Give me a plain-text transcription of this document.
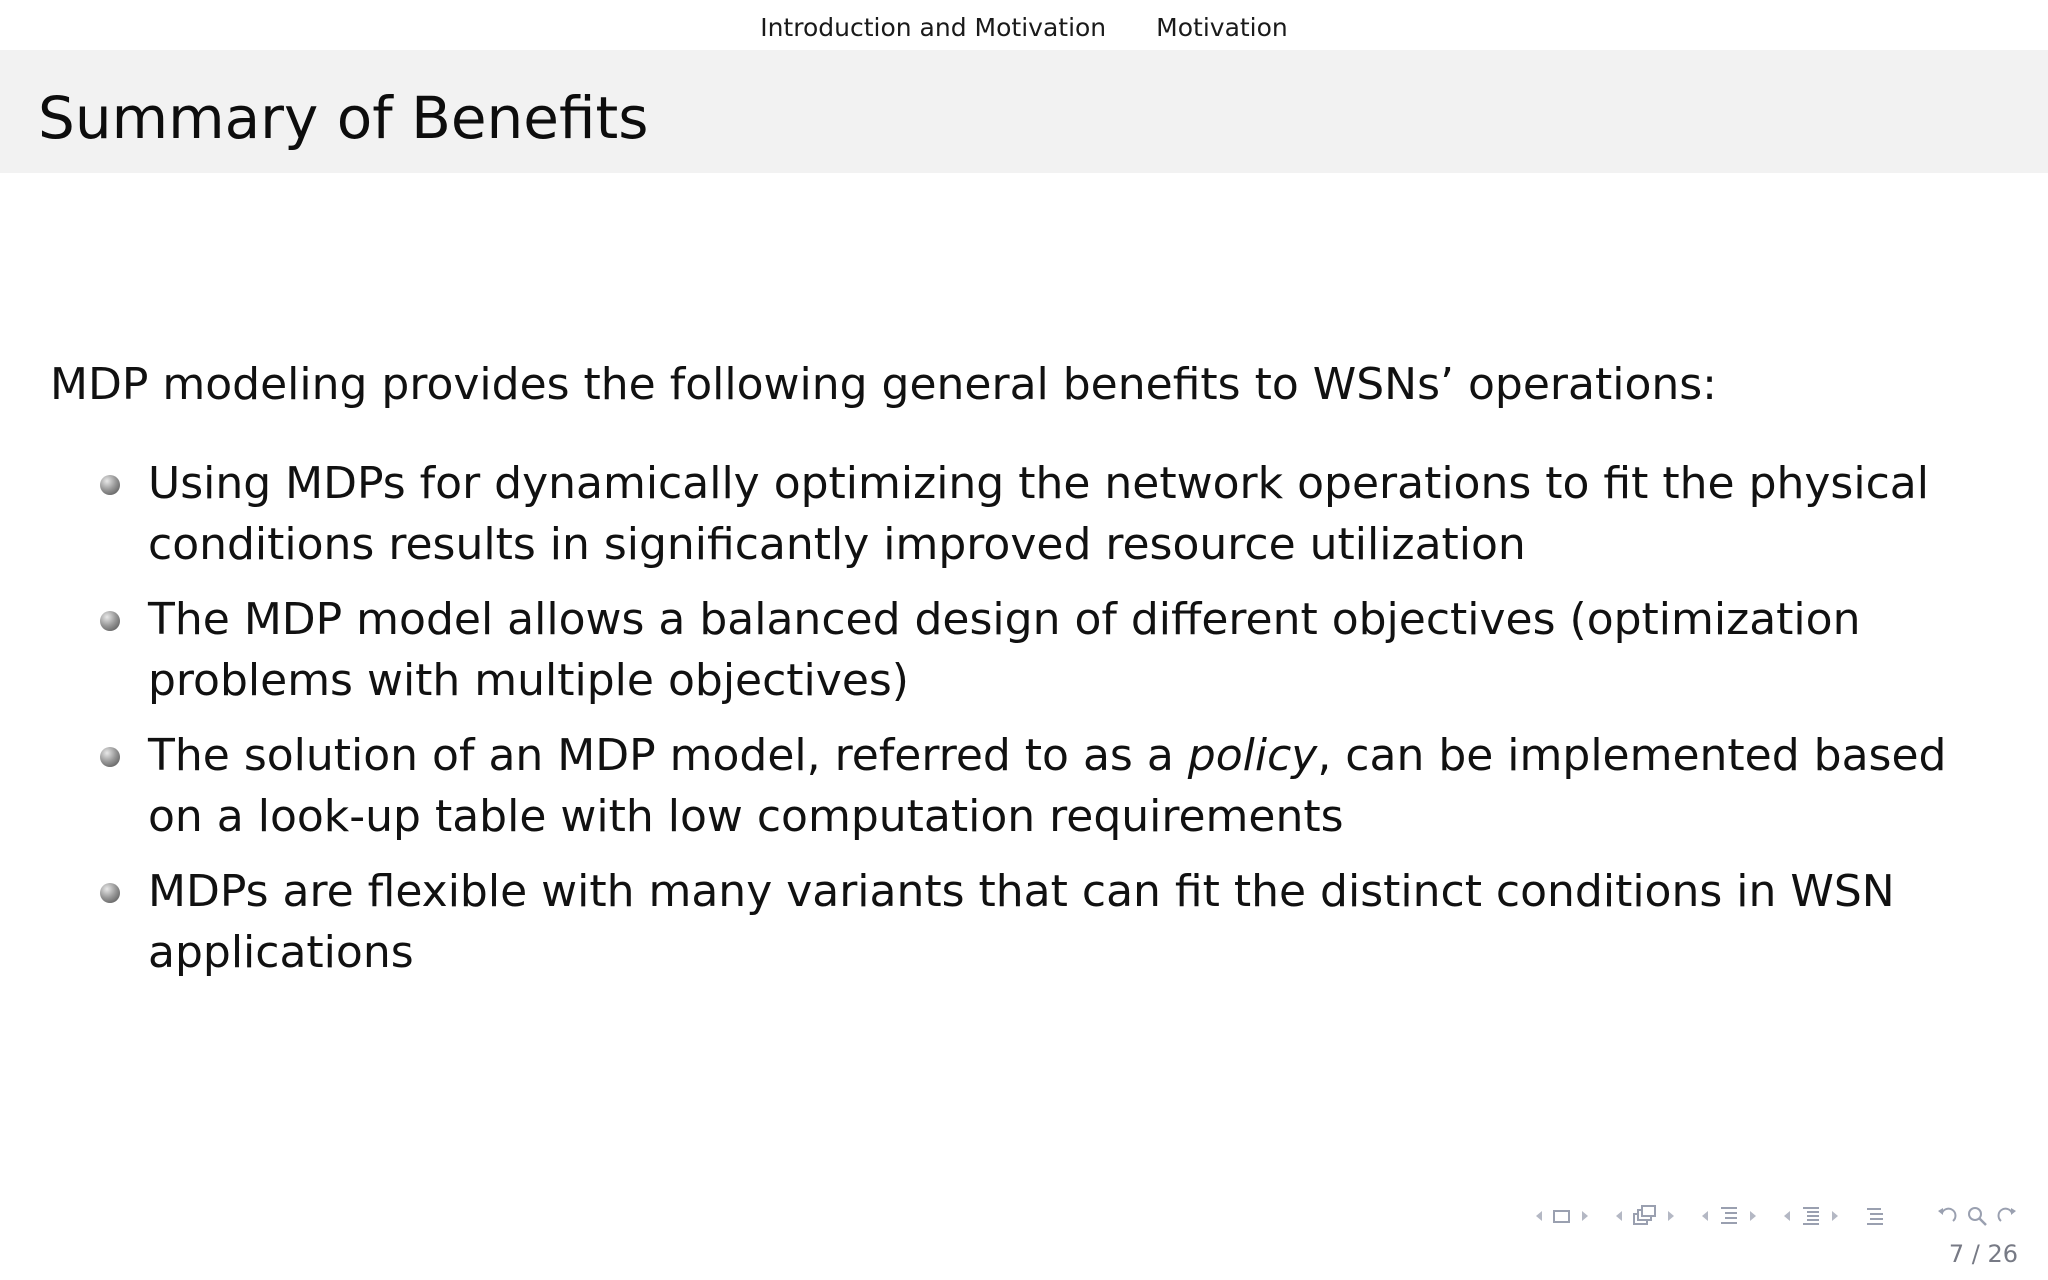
Introduction and Motivation Motivation
Summary of Benefits

MDP modeling provides the following general benefits to WSNs’ operations:

Using MDPs for dynamically optimizing the network operations to fit the physical conditions results in significantly improved resource utilization
The MDP model allows a balanced design of different objectives (optimization problems with multiple objectives)
The solution of an MDP model, referred to as a policy, can be implemented based on a look-up table with low computation requirements
MDPs are flexible with many variants that can fit the distinct conditions in WSN applications
7 / 26
